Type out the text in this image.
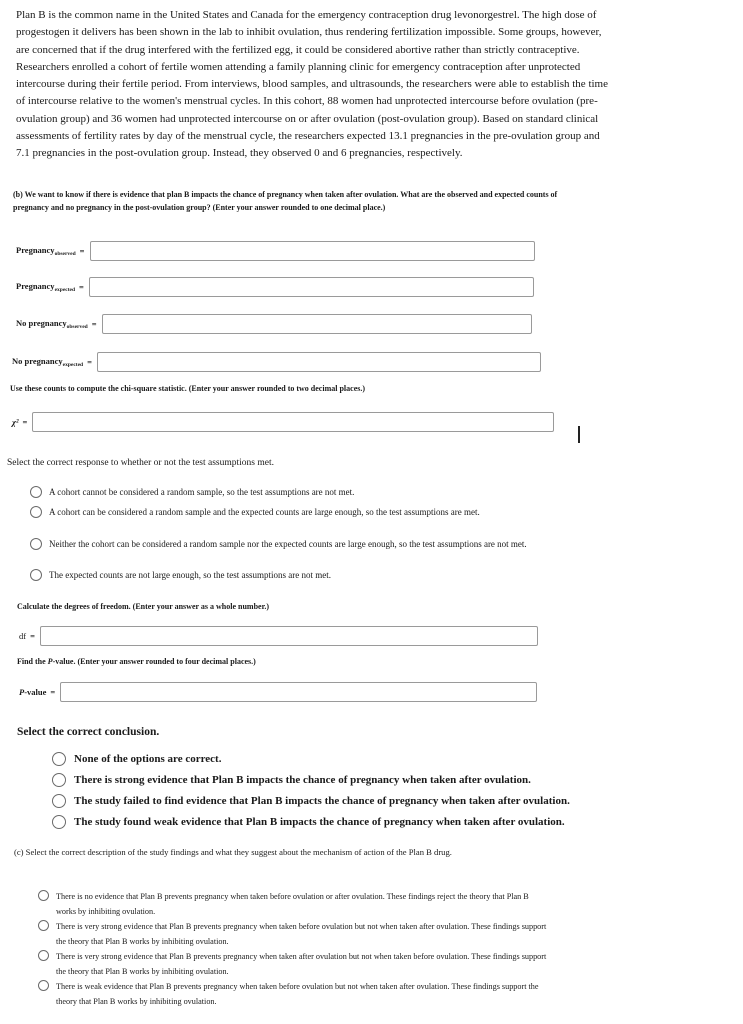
Plan B is the common name in the United States and Canada for the emergency contraception drug levonorgestrel. The high dose of progestogen it delivers has been shown in the lab to inhibit ovulation, thus rendering fertilization impossible. Some groups, however, are concerned that if the drug interfered with the fertilized egg, it could be considered abortive rather than strictly contraceptive. Researchers enrolled a cohort of fertile women attending a family planning clinic for emergency contraception after unprotected intercourse during their fertile period. From interviews, blood samples, and ultrasounds, the researchers were able to establish the time of intercourse relative to the women's menstrual cycles. In this cohort, 88 women had unprotected intercourse before ovulation (pre-ovulation group) and 36 women had unprotected intercourse on or after ovulation (post-ovulation group). Based on standard clinical assessments of fertility rates by day of the menstrual cycle, the researchers expected 13.1 pregnancies in the pre-ovulation group and 7.1 pregnancies in the post-ovulation group. Instead, they observed 0 and 6 pregnancies, respectively.

(b) We want to know if there is evidence that plan B impacts the chance of pregnancy when taken after ovulation. What are the observed and expected counts of pregnancy and no pregnancy in the post-ovulation group? (Enter your answer rounded to one decimal place.)

Pregnancy$_{observed}$ =
Pregnancy$_{expected}$ =
No pregnancy$_{observed}$ =
No pregnancy$_{expected}$ =

Use these counts to compute the chi-square statistic. (Enter your answer rounded to two decimal places.)

χ² =

Select the correct response to whether or not the test assumptions met.

A cohort cannot be considered a random sample, so the test assumptions are not met.
A cohort can be considered a random sample and the expected counts are large enough, so the test assumptions are met.
Neither the cohort can be considered a random sample nor the expected counts are large enough, so the test assumptions are not met.
The expected counts are not large enough, so the test assumptions are not met.

Calculate the degrees of freedom. (Enter your answer as a whole number.)

df =

Find the P-value. (Enter your answer rounded to four decimal places.)

P-value =

Select the correct conclusion.

None of the options are correct.
There is strong evidence that Plan B impacts the chance of pregnancy when taken after ovulation.
The study failed to find evidence that Plan B impacts the chance of pregnancy when taken after ovulation.
The study found weak evidence that Plan B impacts the chance of pregnancy when taken after ovulation.

(c) Select the correct description of the study findings and what they suggest about the mechanism of action of the Plan B drug.

There is no evidence that Plan B prevents pregnancy when taken before ovulation or after ovulation. These findings reject the theory that Plan B works by inhibiting ovulation.
There is very strong evidence that Plan B prevents pregnancy when taken before ovulation but not when taken after ovulation. These findings support the theory that Plan B works by inhibiting ovulation.
There is very strong evidence that Plan B prevents pregnancy when taken after ovulation but not when taken before ovulation. These findings support the theory that Plan B works by inhibiting ovulation.
There is weak evidence that Plan B prevents pregnancy when taken before ovulation but not when taken after ovulation. These findings support the theory that Plan B works by inhibiting ovulation.
